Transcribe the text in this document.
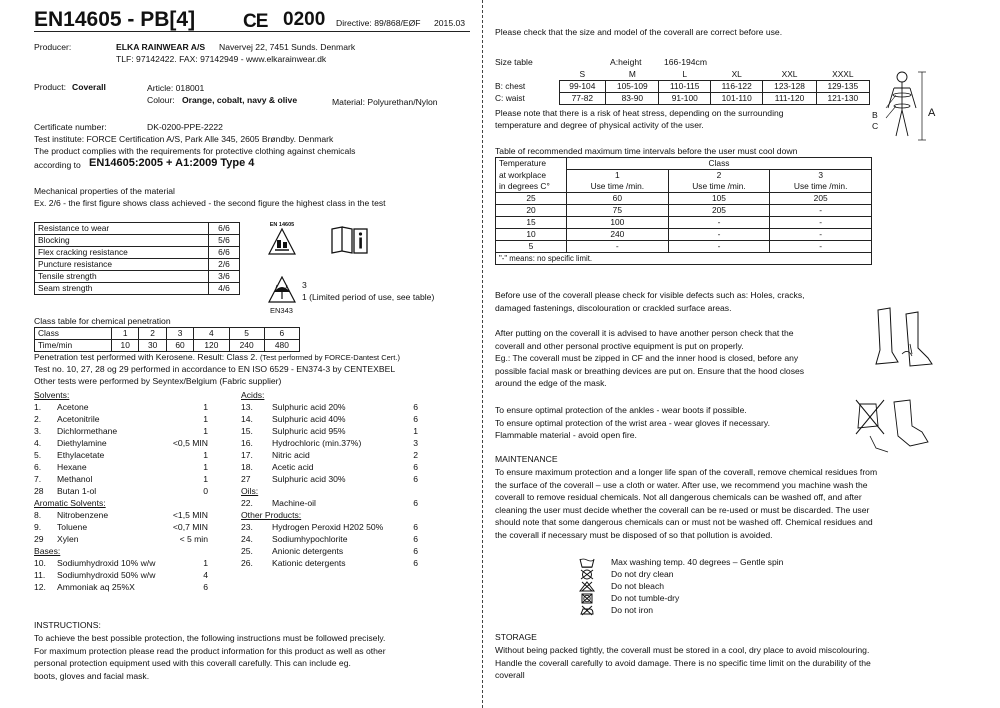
EN14605 - PB[4]	CE 0200 Directive: 89/868/EØF 2015.03
Producer:	ELKA RAINWEAR A/S Navervej 22, 7451 Sunds. Denmark
TLF: 97142422. FAX: 97142949 - www.elkarainwear.dk
Product: Coverall	Article: 018001
Colour: Orange, cobalt, navy & olive	Material: Polyurethan/Nylon
Certificate number:	DK-0200-PPE-2222
Test institute: FORCE Certification A/S, Park Alle 345, 2605 Brøndby. Denmark
The product complies with the requirements for protective clothing against chemicals
according to EN14605:2005 + A1:2009 Type 4
Mechanical properties of the material
Ex. 2/6 - the first figure shows class achieved - the second figure the highest class in the test
Resistance to wear	6/6
Blocking	5/6
Flex cracking resistance	6/6
Puncture resistance	2/6
Tensile strength	3/6
Seam strength	4/6
EN 14605
EN343
3
1 (Limited period of use, see table)
Class table for chemical penetration
Class	1	2	3	4	5	6
Time/min	10	30	60	120	240	480
Penetration test performed with Kerosene. Result: Class 2. (Test performed by FORCE-Dantest Cert.)
Test no. 10, 27, 28 og 29 performed in accordance to EN ISO 6529 - EN374-3 by CENTEXBEL
Other tests were performed by Seyntex/Belgium (Fabric supplier)
Solvents:
1. Acetone	1
2. Acetonitrile	1
3. Dichlormethane	1
4. Diethylamine	<0,5 MIN
5. Ethylacetate	1
6. Hexane	1
7. Methanol	1
28 Butan 1-ol	0
Aromatic Solvents:
8. Nitrobenzene	<1,5 MIN
9. Toluene	<0,7 MIN
29 Xylen	< 5 min
Bases:
10. Sodiumhydroxid 10% w/w	1
11. Sodiumhydroxid 50% w/w	4
12. Ammoniak aq 25%X	6
Acids:
13. Sulphuric acid 20%	6
14. Sulphuric acid 40%	6
15. Sulphuric acid 95%	1
16. Hydrochloric (min.37%)	3
17. Nitric acid	2
18. Acetic acid	6
27 Sulphuric acid 30%	6
Oils:
22. Machine-oil	6
Other Products:
23. Hydrogen Peroxid H202 50%	6
24. Sodiumhypochlorite	6
25. Anionic detergents	6
26. Kationic detergents	6
INSTRUCTIONS:
To achieve the best possible protection, the following instructions must be followed precisely.
For maximum protection please read the product information for this product as well as other
personal protection equipment used with this coverall carefully. This can include eg.
boots, gloves and facial mask.
Please check that the size and model of the coverall are correct before use.
Size table	A:height	166-194cm
	S	M	L	XL	XXL	XXXL
B: chest	99-104	105-109	110-115	116-122	123-128	129-135
C: waist	77-82	83-90	91-100	101-110	111-120	121-130
A
B
C
Please note that there is a risk of heat stress, depending on the surrounding
temperature and degree of physical activity of the user.
Table of recommended maximum time intervals before the user must cool down
Temperature	Class		
at workplace	1	2	3
in degrees C°	Use time /min.	Use time /min.	Use time /min.
25	60	105	205
20	75	205	-
15	100	-	-
10	240	-	-
5	-	-	-
"-" means: no specific limit.			
Before use of the coverall please check for visible defects such as: Holes, cracks,
damaged fastenings, discolouration or crackled surface areas.
After putting on the coverall it is advised to have another person check that the
coverall and other personal proctive equipment is put on properly.
Eg.: The coverall must be zipped in CF and the inner hood is closed, before any
possible facial mask or breathing devices are put on. Ensure that the hood closes
around the edge of the mask.
To ensure optimal protection of the ankles - wear boots if possible.
To ensure optimal protection of the wrist area - wear gloves if necessary.
Flammable material - avoid open fire.
MAINTENANCE
To ensure maximum protection and a longer life span of the coverall, remove chemical residues from
the surface of the coverall – use a cloth or water. After use, we recommend you machine wash the
coverall to remove residual chemicals. Not all dangerous chemicals can be washed off, and after
cleaning the user must decide whether the coverall can be re-used or must be discarded. The user
should note that some dangerous chemicals can or must not be washed off. Chemical residues and
the coverall if necessary must be disposed of so that pollution is avoided.
Max washing temp. 40 degrees – Gentle spin
Do not dry clean
Do not bleach
Do not tumble-dry
Do not iron
STORAGE
Without being packed tightly, the coverall must be stored in a cool, dry place to avoid miscolouring.
Handle the coverall carefully to avoid damage. There is no specific time limit on the durability of the
coverall
